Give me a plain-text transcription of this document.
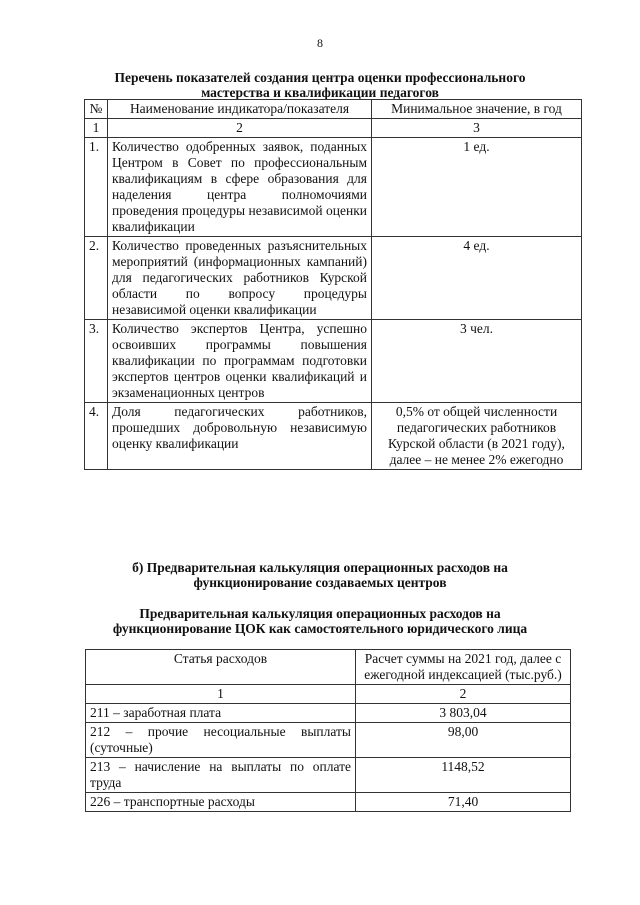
8
Перечень показателей создания центра оценки профессионального
мастерства и квалификации педагогов
№	Наименование индикатора/показателя	Минимальное значение, в год
1	2	3
1.	Количество одобренных заявок, поданных Центром в Совет по профессиональным квалификациям в сфере образования для наделения центра полномочиями проведения процедуры независимой оценки квалификации	1 ед.
2.	Количество проведенных разъяснительных мероприятий (информационных кампаний) для педагогических работников Курской области по вопросу процедуры независимой оценки квалификации	4 ед.
3.	Количество экспертов Центра, успешно освоивших программы повышения квалификации по программам подготовки экспертов центров оценки квалификаций и экзаменационных центров	3 чел.
4.	Доля педагогических работников, прошедших добровольную независимую оценку квалификации	0,5% от общей численности педагогических работников Курской области (в 2021 году), далее – не менее 2% ежегодно
б) Предварительная калькуляция операционных расходов на
функционирование создаваемых центров
Предварительная калькуляция операционных расходов на
функционирование ЦОК как самостоятельного юридического лица
Статья расходов	Расчет суммы на 2021 год, далее с ежегодной индексацией (тыс.руб.)
1	2
211 – заработная плата	3 803,04
212 – прочие несоциальные выплаты (суточные)	98,00
213 – начисление на выплаты по оплате труда	1148,52
226 – транспортные расходы	71,40
